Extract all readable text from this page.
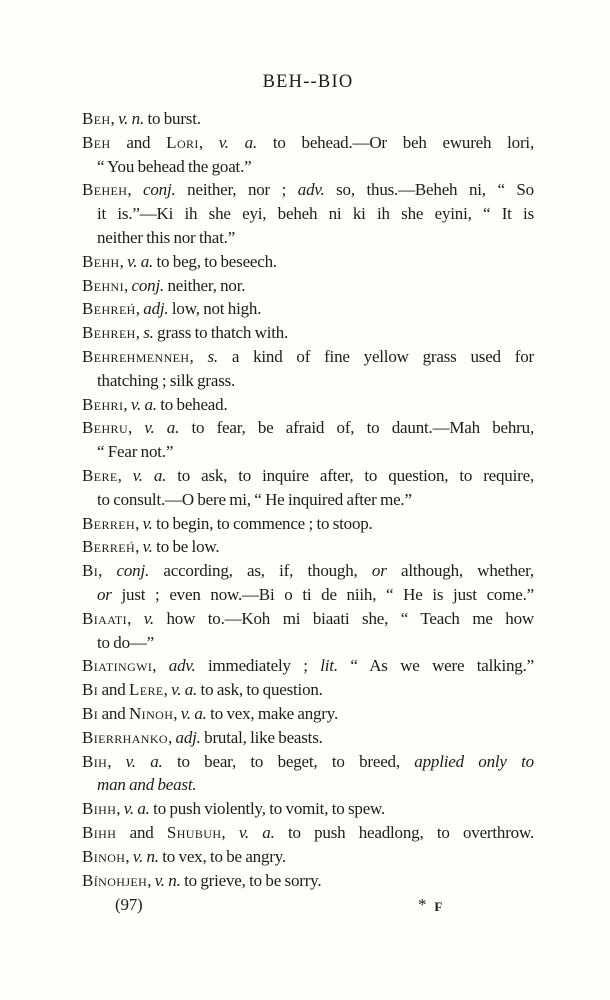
BEH--BIO
Beh, v. n. to burst.
Beh and Lori, v. a. to behead.—Or beh ewureh lori,
“ You behead the goat.”
Beheh, conj. neither, nor ; adv. so, thus.—Beheh ni, “ So
it is.”—Ki ih she eyi, beheh ni ki ih she eyini, “ It is
neither this nor that.”
Behh, v. a. to beg, to beseech.
Behni, conj. neither, nor.
Behreh́, adj. low, not high.
Behreh, s. grass to thatch with.
Behrehmenneh, s. a kind of fine yellow grass used for
thatching ; silk grass.
Behri, v. a. to behead.
Behru, v. a. to fear, be afraid of, to daunt.—Mah behru,
“ Fear not.”
Bere, v. a. to ask, to inquire after, to question, to require,
to consult.—O bere mi, “ He inquired after me.”
Berreh, v. to begin, to commence ; to stoop.
Berreh́, v. to be low.
Bi, conj. according, as, if, though, or although, whether,
or just ; even now.—Bi o ti de niih, “ He is just come.”
Biaati, v. how to.—Koh mi biaati she, “ Teach me how
to do—”
Biatingwi, adv. immediately ; lit. “ As we were talking.”
Bi and Lere, v. a. to ask, to question.
Bi and Ninoh, v. a. to vex, make angry.
Bierrhanko, adj. brutal, like beasts.
Bih, v. a. to bear, to beget, to breed, applied only to
man and beast.
Bihh, v. a. to push violently, to vomit, to spew.
Bihh and Shubuh, v. a. to push headlong, to overthrow.
Binoh, v. n. to vex, to be angry.
Bínohjeh, v. n. to grieve, to be sorry.
(97)	* F
